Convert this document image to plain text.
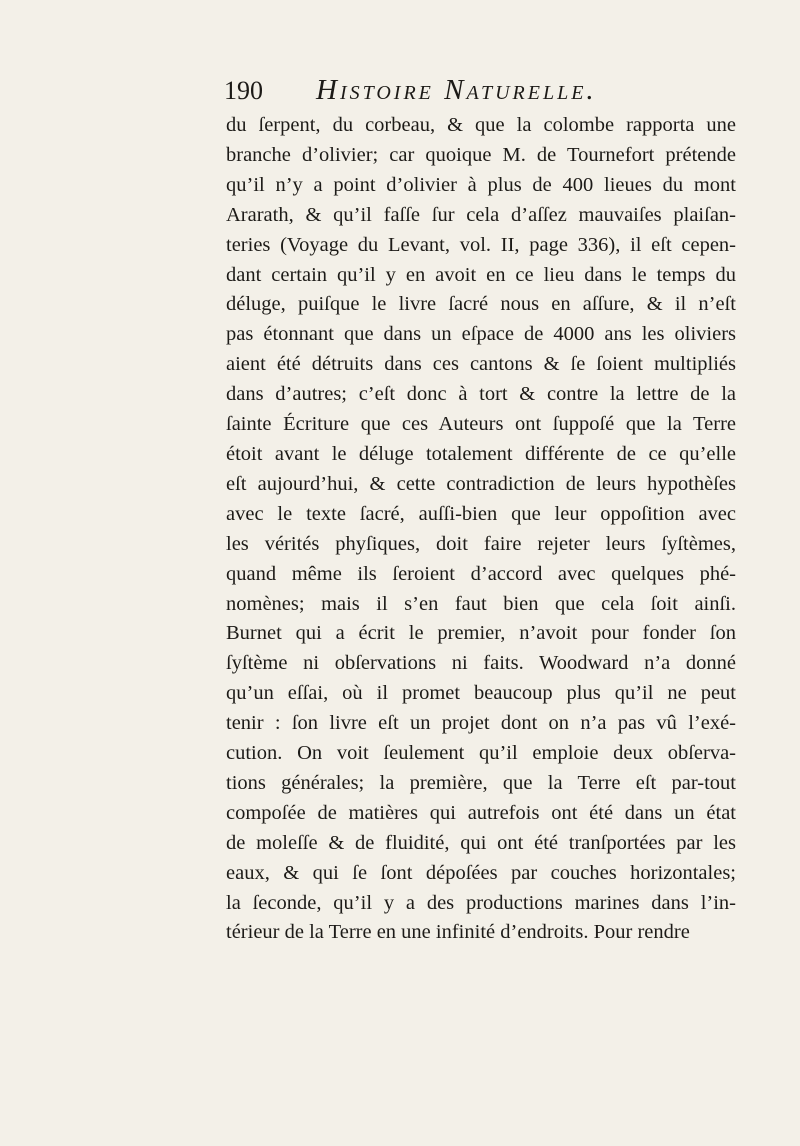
190 Histoire Naturelle.
du ſerpent, du corbeau, & que la colombe rapporta une
branche d’olivier; car quoique M. de Tournefort prétende
qu’il n’y a point d’olivier à plus de 400 lieues du mont
Ararath, & qu’il faſſe ſur cela d’aſſez mauvaiſes plaiſan-
teries (Voyage du Levant, vol. II, page 336), il eſt cepen-
dant certain qu’il y en avoit en ce lieu dans le temps du
déluge, puiſque le livre ſacré nous en aſſure, & il n’eſt
pas étonnant que dans un eſpace de 4000 ans les oliviers
aient été détruits dans ces cantons & ſe ſoient multipliés
dans d’autres; c’eſt donc à tort & contre la lettre de la
ſainte Écriture que ces Auteurs ont ſuppoſé que la Terre
étoit avant le déluge totalement différente de ce qu’elle
eſt aujourd’hui, & cette contradiction de leurs hypothèſes
avec le texte ſacré, auſſi-bien que leur oppoſition avec
les vérités phyſiques, doit faire rejeter leurs ſyſtèmes,
quand même ils ſeroient d’accord avec quelques phé-
nomènes; mais il s’en faut bien que cela ſoit ainſi.
Burnet qui a écrit le premier, n’avoit pour fonder ſon
ſyſtème ni obſervations ni faits. Woodward n’a donné
qu’un eſſai, où il promet beaucoup plus qu’il ne peut
tenir : ſon livre eſt un projet dont on n’a pas vû l’exé-
cution. On voit ſeulement qu’il emploie deux obſerva-
tions générales; la première, que la Terre eſt par-tout
compoſée de matières qui autrefois ont été dans un état
de moleſſe & de fluidité, qui ont été tranſportées par les
eaux, & qui ſe ſont dépoſées par couches horizontales;
la ſeconde, qu’il y a des productions marines dans l’in-
térieur de la Terre en une infinité d’endroits. Pour rendre
